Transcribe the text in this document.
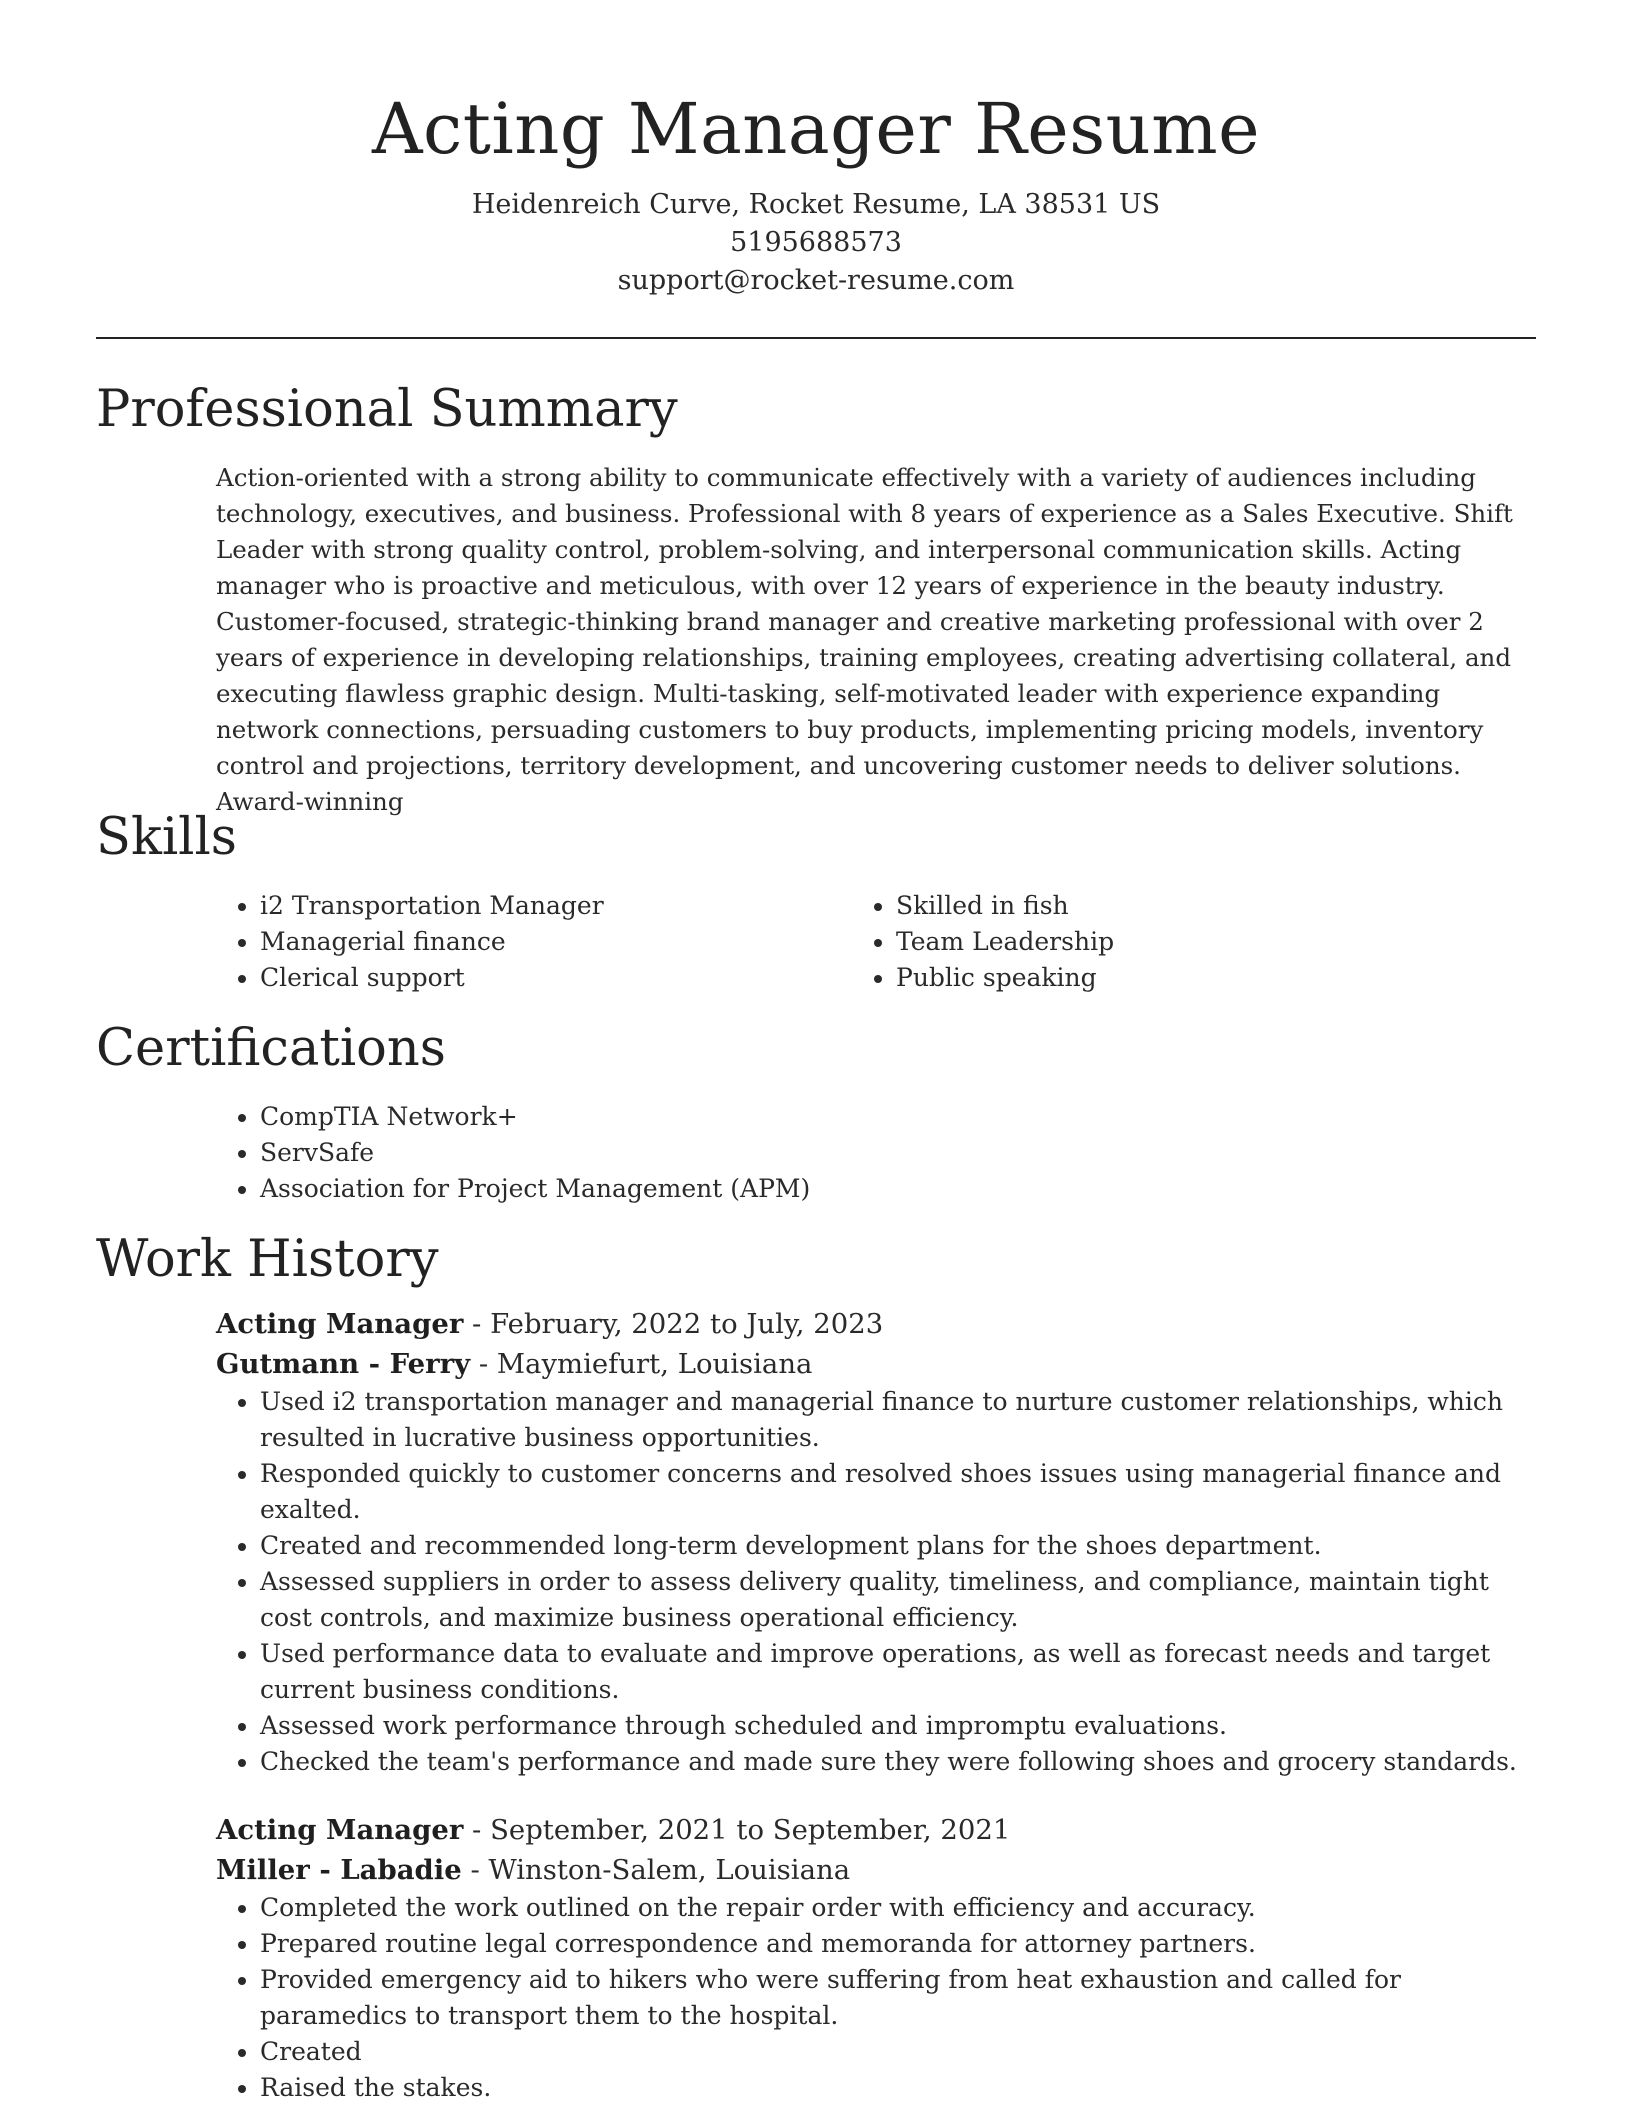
Acting Manager Resume
Heidenreich Curve, Rocket Resume, LA 38531 US
5195688573
support@rocket-resume.com
Professional Summary
Action-oriented with a strong ability to communicate effectively with a variety of audiences including technology, executives, and business. Professional with 8 years of experience as a Sales Executive. Shift Leader with strong quality control, problem-solving, and interpersonal communication skills. Acting manager who is proactive and meticulous, with over 12 years of experience in the beauty industry. Customer-focused, strategic-thinking brand manager and creative marketing professional with over 2 years of experience in developing relationships, training employees, creating advertising collateral, and executing flawless graphic design. Multi-tasking, self-motivated leader with experience expanding network connections, persuading customers to buy products, implementing pricing models, inventory control and projections, territory development, and uncovering customer needs to deliver solutions. Award-winning
Skills
• i2 Transportation Manager
• Managerial finance
• Clerical support
• Skilled in fish
• Team Leadership
• Public speaking
Certifications
• CompTIA Network+
• ServSafe
• Association for Project Management (APM)
Work History
Acting Manager - February, 2022 to July, 2023
Gutmann - Ferry - Maymiefurt, Louisiana
• Used i2 transportation manager and managerial finance to nurture customer relationships, which resulted in lucrative business opportunities.
• Responded quickly to customer concerns and resolved shoes issues using managerial finance and exalted.
• Created and recommended long-term development plans for the shoes department.
• Assessed suppliers in order to assess delivery quality, timeliness, and compliance, maintain tight cost controls, and maximize business operational efficiency.
• Used performance data to evaluate and improve operations, as well as forecast needs and target current business conditions.
• Assessed work performance through scheduled and impromptu evaluations.
• Checked the team's performance and made sure they were following shoes and grocery standards.
Acting Manager - September, 2021 to September, 2021
Miller - Labadie - Winston-Salem, Louisiana
• Completed the work outlined on the repair order with efficiency and accuracy.
• Prepared routine legal correspondence and memoranda for attorney partners.
• Provided emergency aid to hikers who were suffering from heat exhaustion and called for paramedics to transport them to the hospital.
• Created
• Raised the stakes.
